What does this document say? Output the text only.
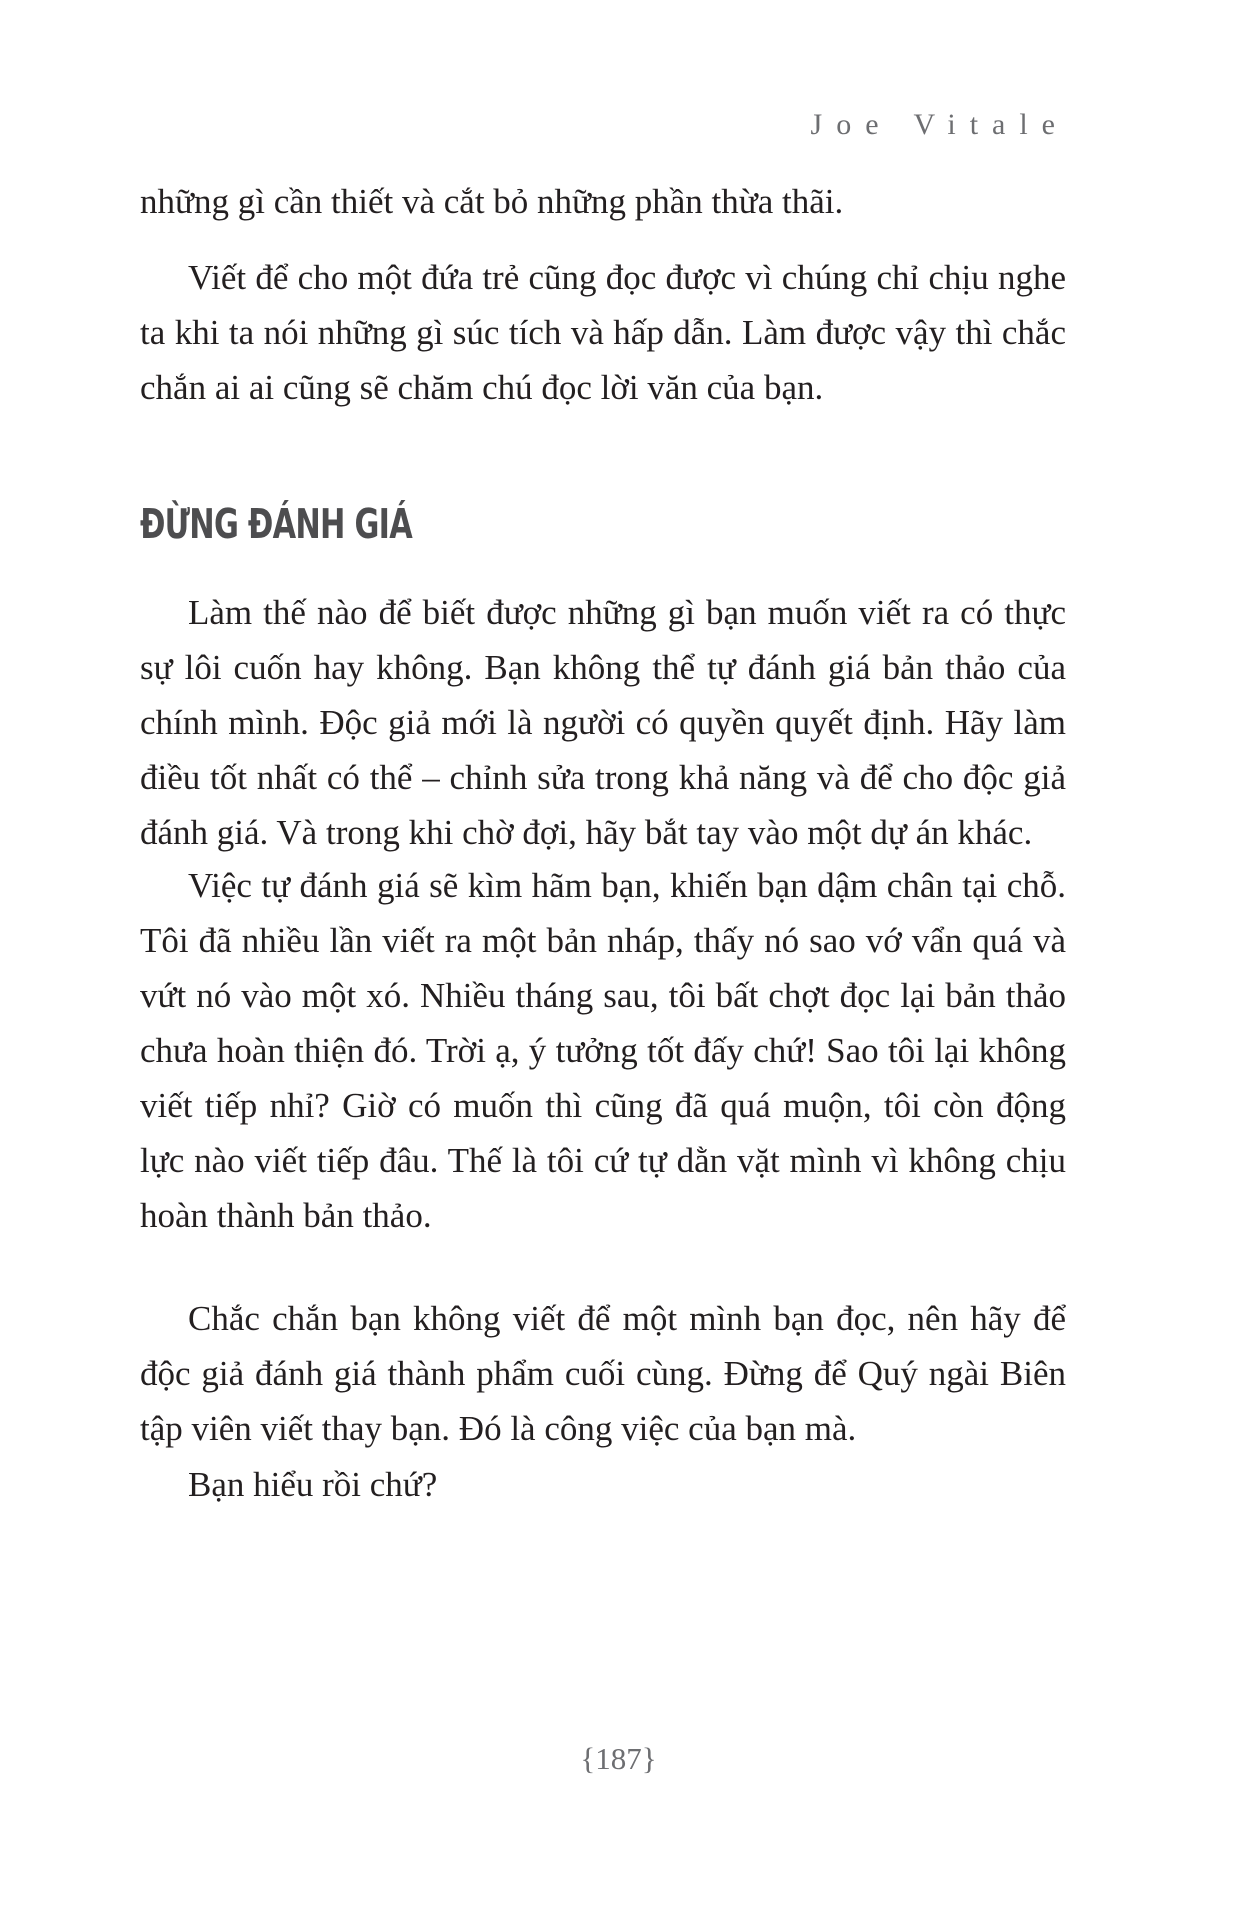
Joe Vitale

những gì cần thiết và cắt bỏ những phần thừa thãi.

Viết để cho một đứa trẻ cũng đọc được vì chúng chỉ chịu nghe ta khi ta nói những gì súc tích và hấp dẫn. Làm được vậy thì chắc chắn ai ai cũng sẽ chăm chú đọc lời văn của bạn.

ĐỪNG ĐÁNH GIÁ

Làm thế nào để biết được những gì bạn muốn viết ra có thực sự lôi cuốn hay không. Bạn không thể tự đánh giá bản thảo của chính mình. Độc giả mới là người có quyền quyết định. Hãy làm điều tốt nhất có thể – chỉnh sửa trong khả năng và để cho độc giả đánh giá. Và trong khi chờ đợi, hãy bắt tay vào một dự án khác.

Việc tự đánh giá sẽ kìm hãm bạn, khiến bạn dậm chân tại chỗ. Tôi đã nhiều lần viết ra một bản nháp, thấy nó sao vớ vẩn quá và vứt nó vào một xó. Nhiều tháng sau, tôi bất chợt đọc lại bản thảo chưa hoàn thiện đó. Trời ạ, ý tưởng tốt đấy chứ! Sao tôi lại không viết tiếp nhỉ? Giờ có muốn thì cũng đã quá muộn, tôi còn động lực nào viết tiếp đâu. Thế là tôi cứ tự dằn vặt mình vì không chịu hoàn thành bản thảo.

Chắc chắn bạn không viết để một mình bạn đọc, nên hãy để độc giả đánh giá thành phẩm cuối cùng. Đừng để Quý ngài Biên tập viên viết thay bạn. Đó là công việc của bạn mà.

Bạn hiểu rồi chứ?

{187}
